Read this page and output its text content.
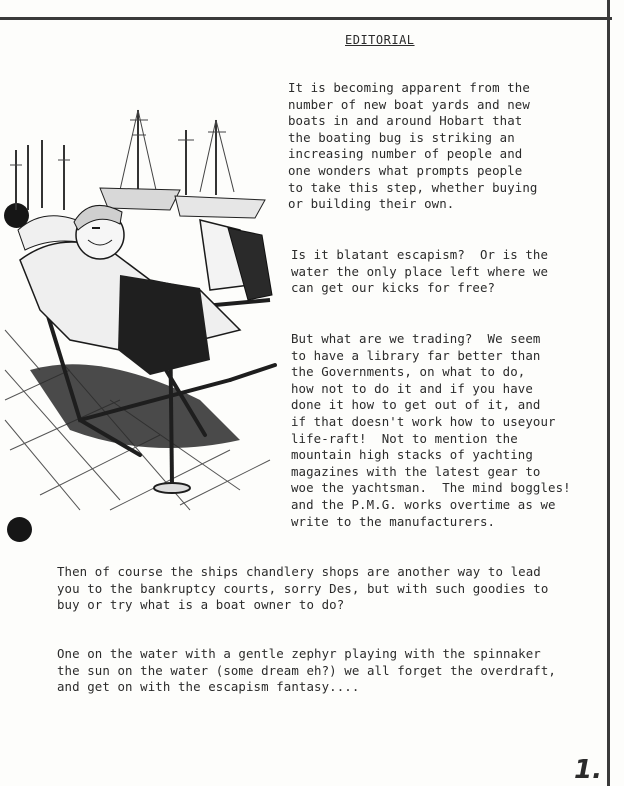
EDITORIAL

It is becoming apparent from the
number of new boat yards and new
boats in and around Hobart that
the boating bug is striking an
increasing number of people and
one wonders what prompts people
to take this step, whether buying
or building their own.

Is it blatant escapism?  Or is the
water the only place left where we
can get our kicks for free?

But what are we trading?  We seem
to have a library far better than
the Governments, on what to do,
how not to do it and if you have
done it how to get out of it, and
if that doesn't work how to useyour
life-raft!  Not to mention the
mountain high stacks of yachting
magazines with the latest gear to
woe the yachtsman.  The mind boggles!
and the P.M.G. works overtime as we
write to the manufacturers.

Then of course the ships chandlery shops are another way to lead
you to the bankruptcy courts, sorry Des, but with such goodies to
buy or try what is a boat owner to do?

One on the water with a gentle zephyr playing with the spinnaker
the sun on the water (some dream eh?) we all forget the overdraft,
and get on with the escapism fantasy....

1.
